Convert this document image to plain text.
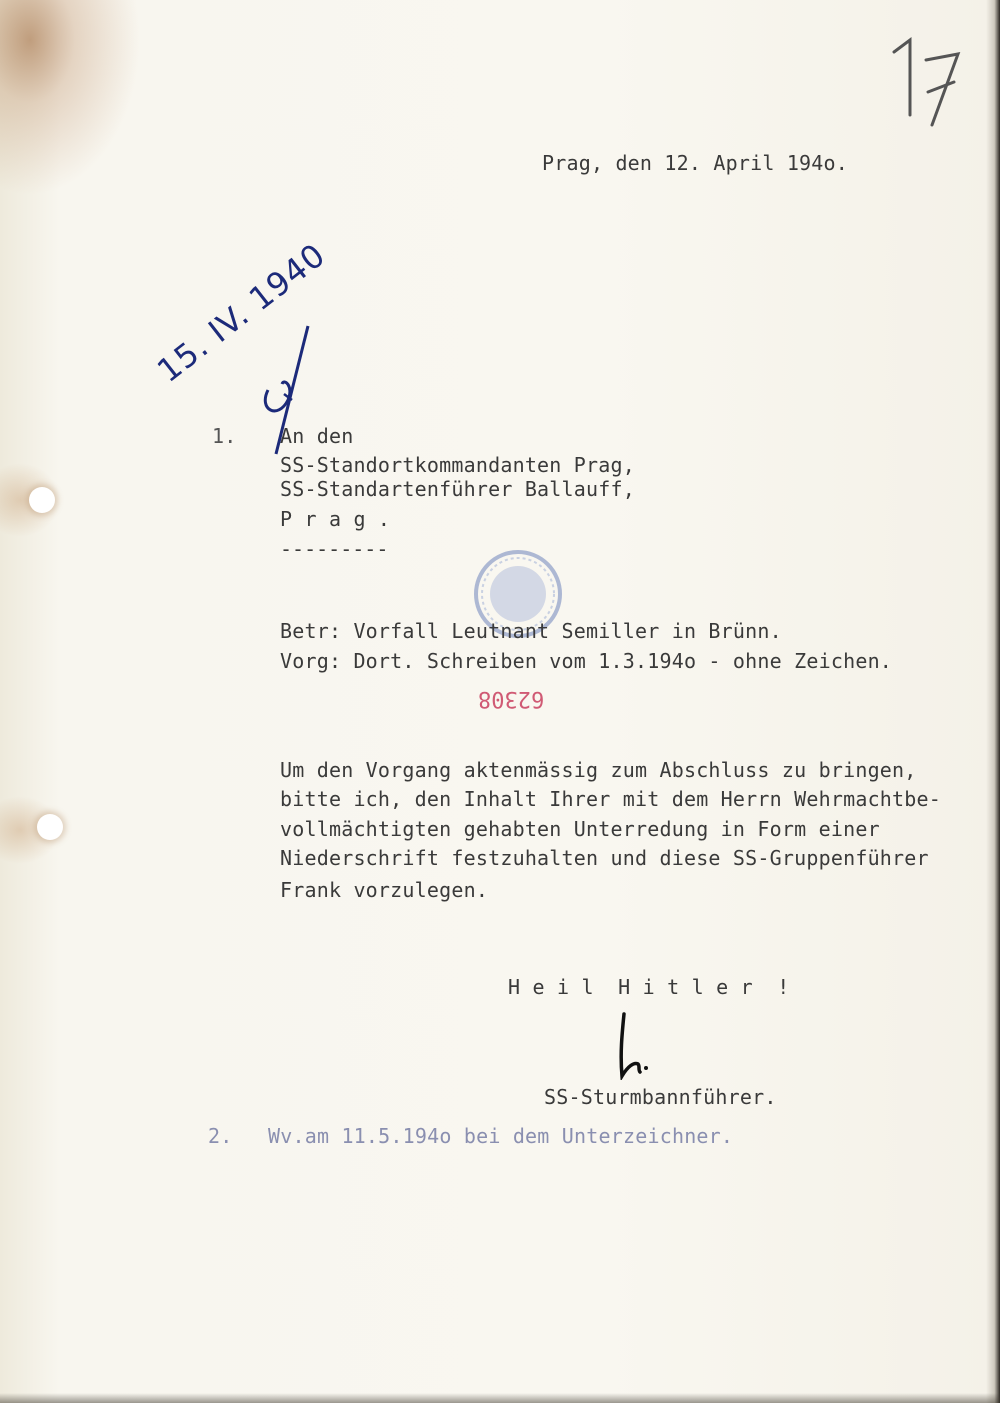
Prag, den 12. April 194o.
15. IV. 1940
1. An den
SS-Standortkommandanten Prag,
SS-Standartenführer Ballauff,
P r a g .
---------
Betr: Vorfall Leutnant Semiller in Brünn.
Vorg: Dort. Schreiben vom 1.3.194o - ohne Zeichen.
62308
Um den Vorgang aktenmässig zum Abschluss zu bringen,
bitte ich, den Inhalt Ihrer mit dem Herrn Wehrmachtbe-
vollmächtigten gehabten Unterredung in Form einer
Niederschrift festzuhalten und diese SS-Gruppenführer
Frank vorzulegen.
H e i l  H i t l e r  !
SS-Sturmbannführer.
2. Wv.am 11.5.194o bei dem Unterzeichner.
